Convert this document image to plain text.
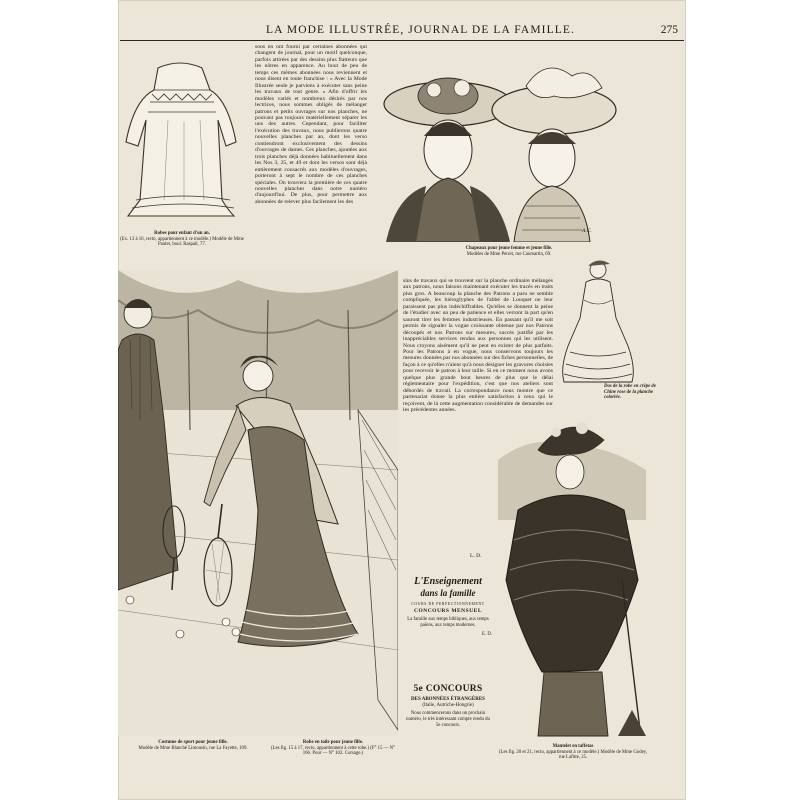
LA MODE ILLUSTRÉE, JOURNAL DE LA FAMILLE.	275
Robes pour enfant d'un an.
(Ex. 13 à 16, recto, appartiennent à ce modèle.) Modèle de Mme Paulet, boul. Raspail, 77.

sous en ont fourni par certaines abonnées qui changent de journal, pour un motif quelconque, parfois attirées par des dessins plus flatteurs que les nôtres en apparence. Au bout de peu de temps ces mêmes abonnées nous reviennent et nous disent en toute franchise : « Avec la Mode Illustrée seule je parviens à exécuter sans peine les travaux de tout genre. » Afin d'offrir les modèles variés et nombreux désirés par nos lectrices, nous sommes obligés de mélanger patrons et petits ouvrages sur nos planches, ne pouvant pas toujours matériellement séparer les uns des autres. Cependant, pour faciliter l'exécution des travaux, nous publierons quatre nouvelles planches par an, dont les verso contiendront exclusivement des dessins d'ouvrages de dames. Ces planches, ajoutées aux trois planches déjà données habituellement dans les Nos 3, 25, et 49 et dont les versos sont déjà entièrement consacrés aux modèles d'ouvrages, porteront à sept le nombre de ces planches spéciales. On trouvera la première de ces quatre nouvelles planches dans notre numéro d'aujourd'hui. De plus, pour permettre aux abonnées de relever plus facilement les des

A.C.
Chapeaux pour jeune femme et jeune fille.
Modèles de Mme Perret, rue Caumartin, 69.
Costume de sport pour jeune fille.
Modèle de Mme Blanché Limousin, rue La Fayette, 109.
Robe en toile pour jeune fille.
(Les fig. 15 à 17, recto, appartiennent à cette robe.) (F° 15 — N° 166. Pour — N° 102. Corsage.)

sins de travaux qui se trouvent sur la planche ordinaire mélangés aux patrons, nous faisons maintenant exécuter les tracés en traits plus gros. A beaucoup la planche des Patrons a paru ne semble compliquée, les hiéroglyphes de l'abbé de Louquet ne leur paraissent pas plus indéchiffrables. Qu'elles se donnent la peine de l'étudier avec un peu de patience et elles verront la part qu'en sauront tirer les femmes industrieuses. En passant qu'il me soit permis de signaler la vogue croissante obtenue par nos Patrons découpés et nos Patrons sur mesures, succès justifié par les inappréciables services rendus aux personnes qui les utilisent. Nous croyons aisément qu'il ne peut en exister de plus parfaits. Pour les Patrons à en vogue, nous conservons toujours les mesures données par nos abonnées sur des fiches personnelles, de façon à ce qu'elles n'aient qu'à nous désigner les gravures choisies pour recevoir le patron à leur taille. Si en ce moment nous avons quelque plus grande bout heures de plus que le délai réglementaire pour l'expédition, c'est que nos ateliers sont débordés de travail. La correspondance nous montre que ce partenariat donne la plus entière satisfaction à ceux qui le reçoivent, de là cette augmentation considérable de demandes sur les précédentes années.

L. D.
Dos de la robe en crêpe de Chine rose de la planche coloriée.
Mantelet en taffetas
(Les fig. 20 et 21, recto, appartiennent à ce modèle.) Modèle de Mme Godey, rue Lafitte, 25.
L'Enseignement
dans la famille
COURS DE PERFECTIONNEMENT
CONCOURS MENSUEL
La famille aux temps bibliques, aux temps païens, aux temps modernes.
E. D.
5e CONCOURS
DES ABONNÉES ÉTRANGÈRES
(Italie, Autriche-Hongrie)
Nous commencerons dans un prochain numéro, le très intéressant compte rendu du 5e concours.
